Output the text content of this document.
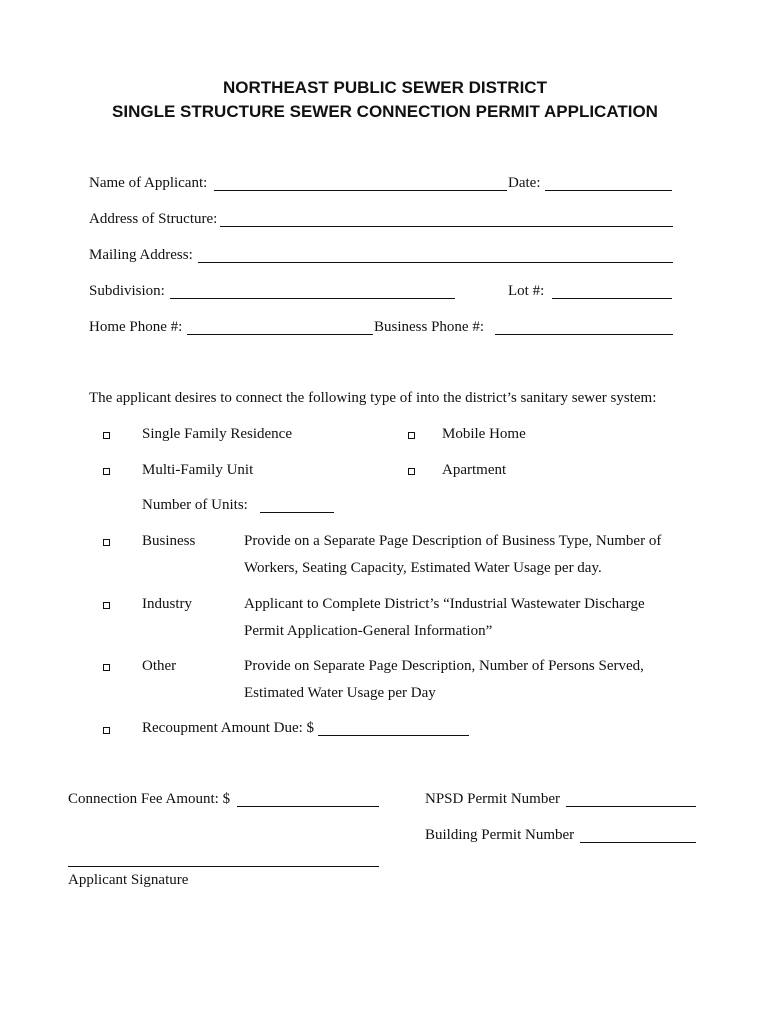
NORTHEAST PUBLIC SEWER DISTRICT
SINGLE STRUCTURE SEWER CONNECTION PERMIT APPLICATION
Name of Applicant:	Date:
Address of Structure:
Mailing Address:
Subdivision:	Lot #:
Home Phone #:	Business Phone #:
The applicant desires to connect the following type of into the district’s sanitary sewer system:
Single Family Residence	Mobile Home
Multi-Family Unit	Apartment
Number of Units:
Business	Provide on a Separate Page Description of Business Type, Number of
Workers, Seating Capacity, Estimated Water Usage per day.
Industry	Applicant to Complete District’s “Industrial Wastewater Discharge
Permit Application-General Information”
Other	Provide on Separate Page Description, Number of Persons Served,
Estimated Water Usage per Day
Recoupment Amount Due: $
Connection Fee Amount: $	NPSD Permit Number
Building Permit Number
Applicant Signature
